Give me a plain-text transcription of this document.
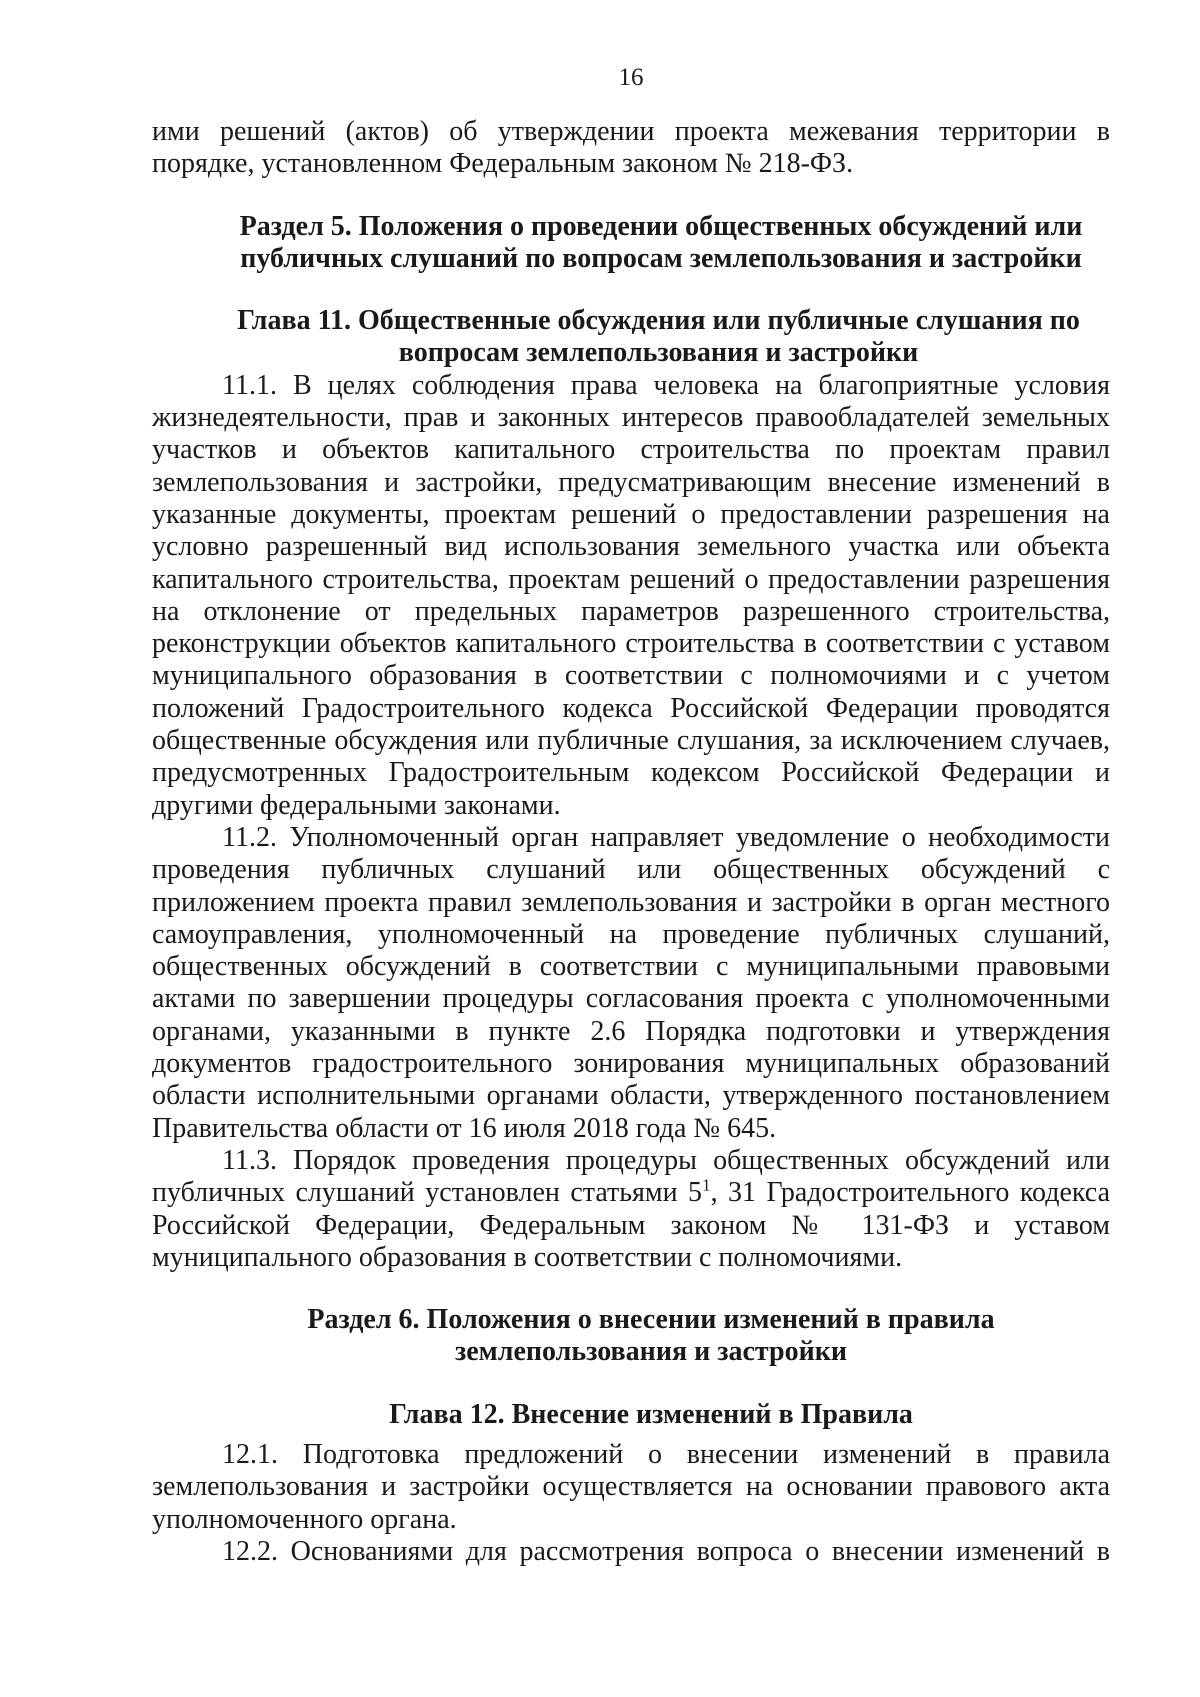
16

ими решений (актов) об утверждении проекта межевания территории в порядке, установленном Федеральным законом № 218-ФЗ.

Раздел 5. Положения о проведении общественных обсуждений или
публичных слушаний по вопросам землепользования и застройки
Глава 11. Общественные обсуждения или публичные слушания по
вопросам землепользования и застройки

11.1. В целях соблюдения права человека на благоприятные условия жизнедеятельности, прав и законных интересов правообладателей земельных участков и объектов капитального строительства по проектам правил землепользования и застройки, предусматривающим внесение изменений в указанные документы, проектам решений о предоставлении разрешения на условно разрешенный вид использования земельного участка или объекта капитального строительства, проектам решений о предоставлении разрешения на отклонение от предельных параметров разрешенного строительства, реконструкции объектов капитального строительства в соответствии с уставом муниципального образования в соответствии с полномочиями и с учетом положений Градостроительного кодекса Российской Федерации проводятся общественные обсуждения или публичные слушания, за исключением случаев, предусмотренных Градостроительным кодексом Российской Федерации и другими федеральными законами.

11.2. Уполномоченный орган направляет уведомление о необходимости проведения публичных слушаний или общественных обсуждений с приложением проекта правил землепользования и застройки в орган местного самоуправления, уполномоченный на проведение публичных слушаний, общественных обсуждений в соответствии с муниципальными правовыми актами по завершении процедуры согласования проекта с уполномоченными органами, указанными в пункте 2.6 Порядка подготовки и утверждения документов градостроительного зонирования муниципальных образований области исполнительными органами области, утвержденного постановлением Правительства области от 16 июля 2018 года № 645.

11.3. Порядок проведения процедуры общественных обсуждений или публичных слушаний установлен статьями $5^1$, 31 Градостроительного кодекса Российской Федерации, Федеральным законом № 131-ФЗ и уставом муниципального образования в соответствии с полномочиями.

Раздел 6. Положения о внесении изменений в правила
землепользования и застройки
Глава 12. Внесение изменений в Правила

12.1. Подготовка предложений о внесении изменений в правила землепользования и застройки осуществляется на основании правового акта уполномоченного органа.

12.2. Основаниями для рассмотрения вопроса о внесении изменений в
